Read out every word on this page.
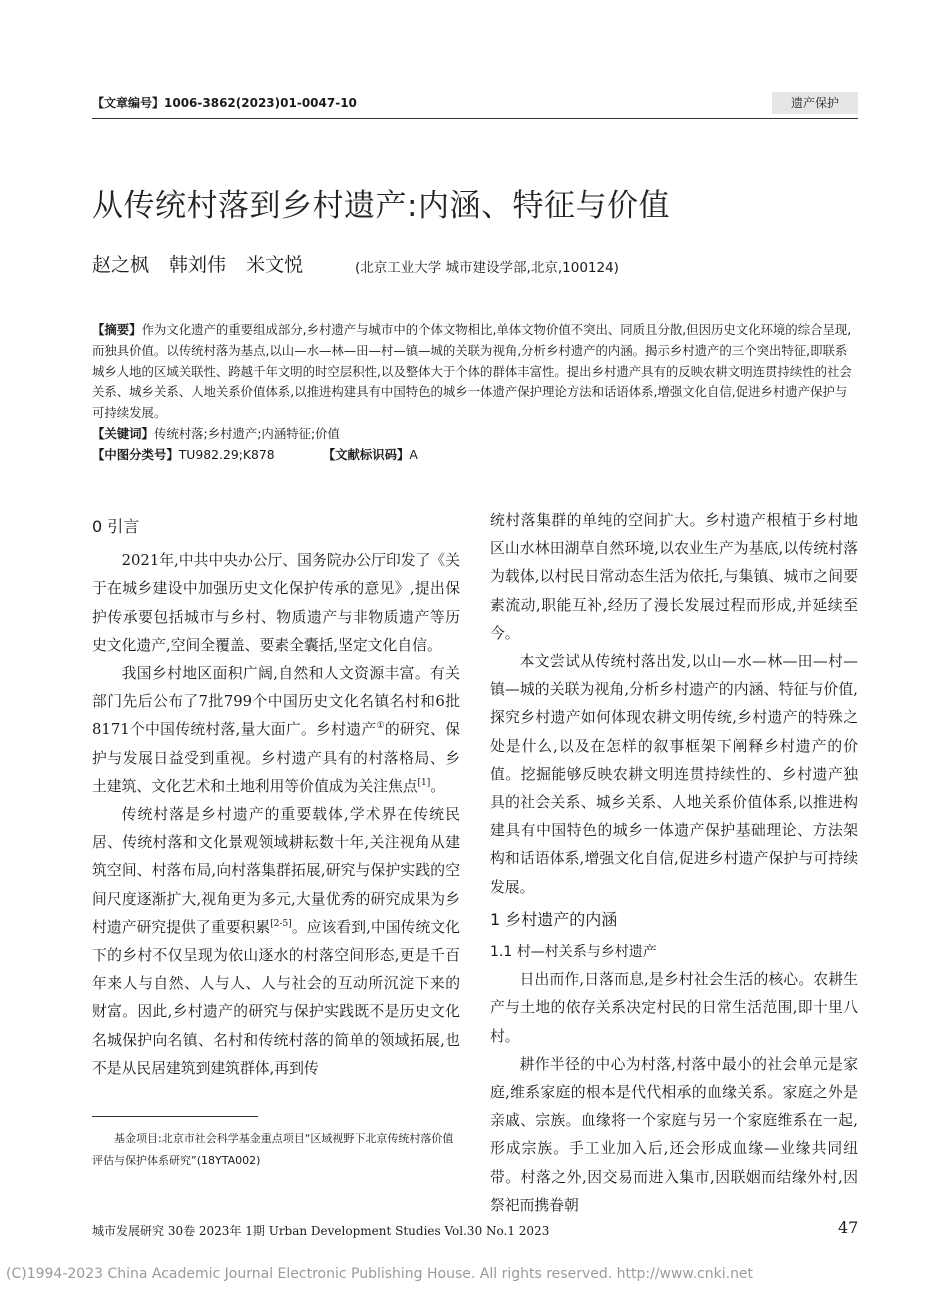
【文章编号】1006-3862(2023)01-0047-10	遗产保护
从传统村落到乡村遗产:内涵、特征与价值
赵之枫 韩刘伟 米文悦	(北京工业大学 城市建设学部,北京,100124)

【摘要】作为文化遗产的重要组成部分,乡村遗产与城市中的个体文物相比,单体文物价值不突出、同质且分散,但因历史文化环境的综合呈现,而独具价值。以传统村落为基点,以山—水—林—田—村—镇—城的关联为视角,分析乡村遗产的内涵。揭示乡村遗产的三个突出特征,即联系城乡人地的区域关联性、跨越千年文明的时空层积性,以及整体大于个体的群体丰富性。提出乡村遗产具有的反映农耕文明连贯持续性的社会关系、城乡关系、人地关系价值体系,以推进构建具有中国特色的城乡一体遗产保护理论方法和话语体系,增强文化自信,促进乡村遗产保护与可持续发展。

【关键词】传统村落;乡村遗产;内涵特征;价值

【中图分类号】TU982.29;K878	【文献标识码】A

0 引言

2021年,中共中央办公厅、国务院办公厅印发了《关于在城乡建设中加强历史文化保护传承的意见》,提出保护传承要包括城市与乡村、物质遗产与非物质遗产等历史文化遗产,空间全覆盖、要素全囊括,坚定文化自信。

我国乡村地区面积广阔,自然和人文资源丰富。有关部门先后公布了7批799个中国历史文化名镇名村和6批8171个中国传统村落,量大面广。乡村遗产①的研究、保护与发展日益受到重视。乡村遗产具有的村落格局、乡土建筑、文化艺术和土地利用等价值成为关注焦点[1]。

传统村落是乡村遗产的重要载体,学术界在传统民居、传统村落和文化景观领域耕耘数十年,关注视角从建筑空间、村落布局,向村落集群拓展,研究与保护实践的空间尺度逐渐扩大,视角更为多元,大量优秀的研究成果为乡村遗产研究提供了重要积累[2-5]。应该看到,中国传统文化下的乡村不仅呈现为依山逐水的村落空间形态,更是千百年来人与自然、人与人、人与社会的互动所沉淀下来的财富。因此,乡村遗产的研究与保护实践既不是历史文化名城保护向名镇、名村和传统村落的简单的领域拓展,也不是从民居建筑到建筑群体,再到传

统村落集群的单纯的空间扩大。乡村遗产根植于乡村地区山水林田湖草自然环境,以农业生产为基底,以传统村落为载体,以村民日常动态生活为依托,与集镇、城市之间要素流动,职能互补,经历了漫长发展过程而形成,并延续至今。

本文尝试从传统村落出发,以山—水—林—田—村—镇—城的关联为视角,分析乡村遗产的内涵、特征与价值,探究乡村遗产如何体现农耕文明传统,乡村遗产的特殊之处是什么,以及在怎样的叙事框架下阐释乡村遗产的价值。挖掘能够反映农耕文明连贯持续性的、乡村遗产独具的社会关系、城乡关系、人地关系价值体系,以推进构建具有中国特色的城乡一体遗产保护基础理论、方法架构和话语体系,增强文化自信,促进乡村遗产保护与可持续发展。

1 乡村遗产的内涵

1.1 村—村关系与乡村遗产

日出而作,日落而息,是乡村社会生活的核心。农耕生产与土地的依存关系决定村民的日常生活范围,即十里八村。

耕作半径的中心为村落,村落中最小的社会单元是家庭,维系家庭的根本是代代相承的血缘关系。家庭之外是亲戚、宗族。血缘将一个家庭与另一个家庭维系在一起,形成宗族。手工业加入后,还会形成血缘—业缘共同纽带。村落之外,因交易而进入集市,因联姻而结缘外村,因祭祀而携眷朝

基金项目:北京市社会科学基金重点项目“区域视野下北京传统村落价值评估与保护体系研究”(18YTA002)
城市发展研究 30卷 2023年 1期 Urban Development Studies Vol.30 No.1 2023	47
(C)1994-2023 China Academic Journal Electronic Publishing House. All rights reserved. http://www.cnki.net
